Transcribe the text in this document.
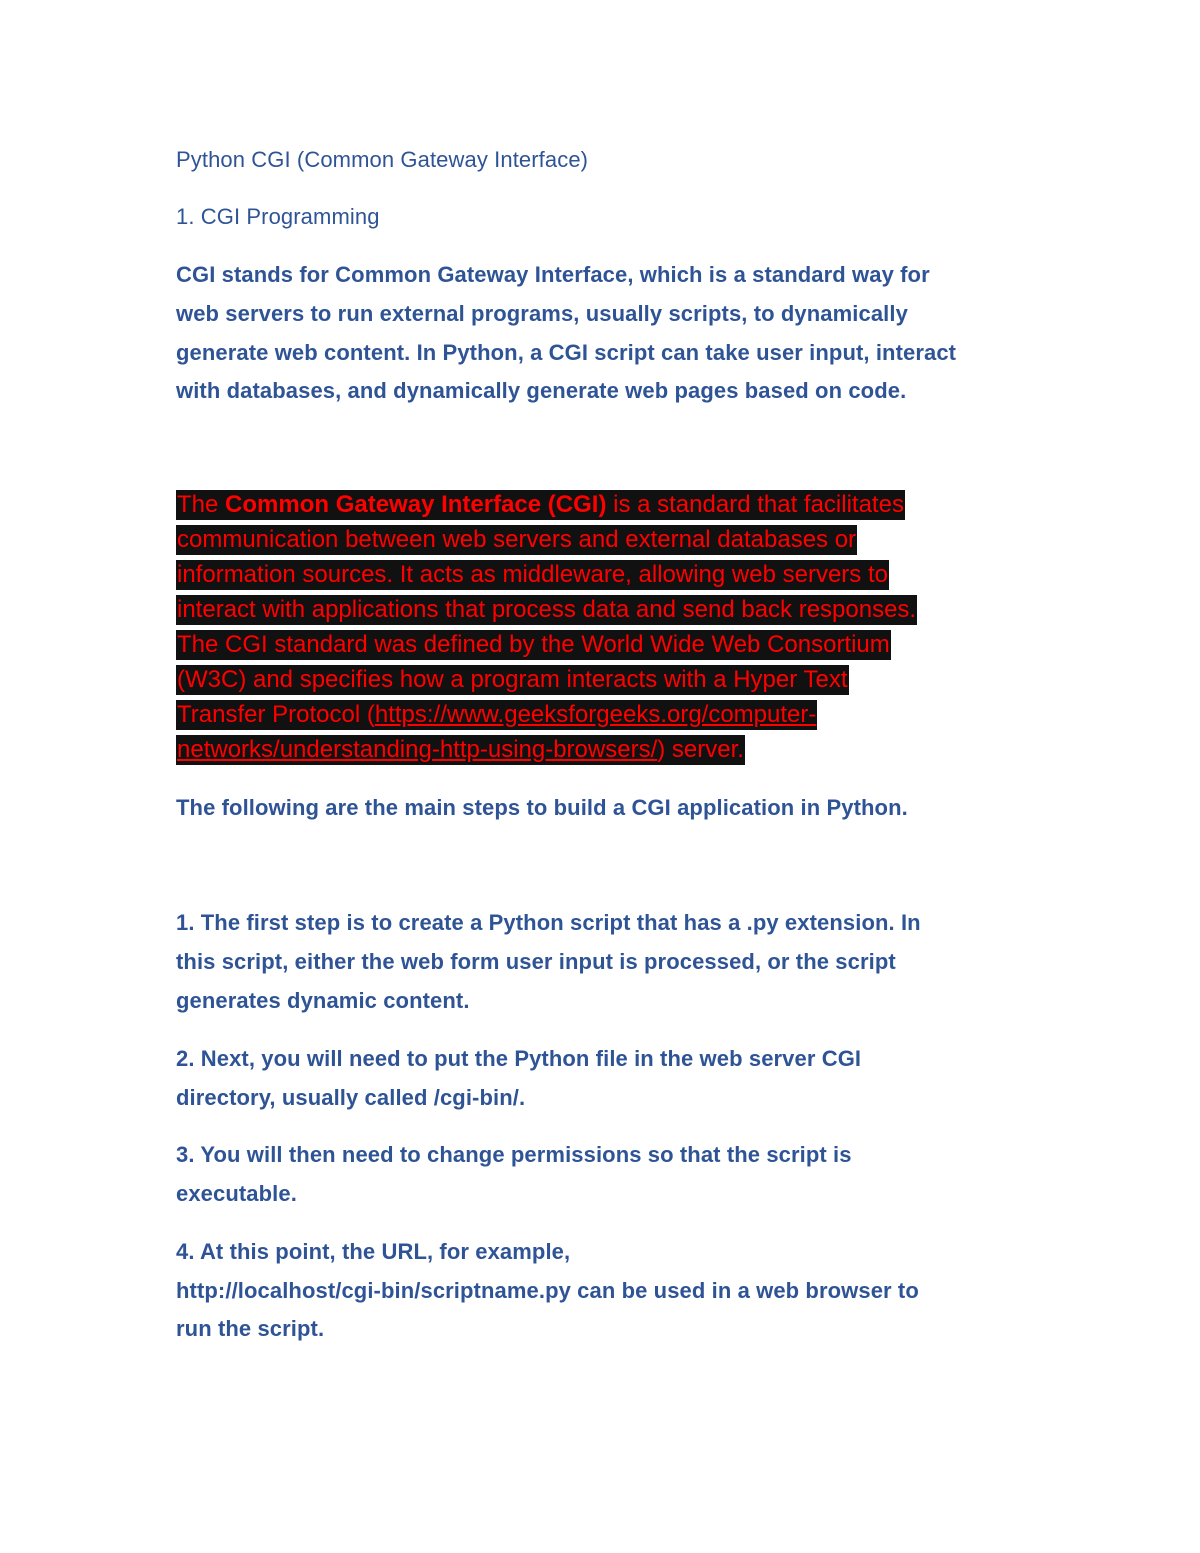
Python CGI (Common Gateway Interface)
1. CGI Programming
CGI stands for Common Gateway Interface, which is a standard way for
web servers to run external programs, usually scripts, to dynamically
generate web content. In Python, a CGI script can take user input, interact
with databases, and dynamically generate web pages based on code.
The Common Gateway Interface (CGI) is a standard that facilitates
communication between web servers and external databases or
information sources. It acts as middleware, allowing web servers to
interact with applications that process data and send back responses.
The CGI standard was defined by the World Wide Web Consortium
(W3C) and specifies how a program interacts with a Hyper Text
Transfer Protocol (https://www.geeksforgeeks.org/computer-
networks/understanding-http-using-browsers/) server.
The following are the main steps to build a CGI application in Python.
1. The first step is to create a Python script that has a .py extension. In
this script, either the web form user input is processed, or the script
generates dynamic content.
2. Next, you will need to put the Python file in the web server CGI
directory, usually called /cgi-bin/.
3. You will then need to change permissions so that the script is
executable.
4. At this point, the URL, for example,
http://localhost/cgi-bin/scriptname.py can be used in a web browser to
run the script.
